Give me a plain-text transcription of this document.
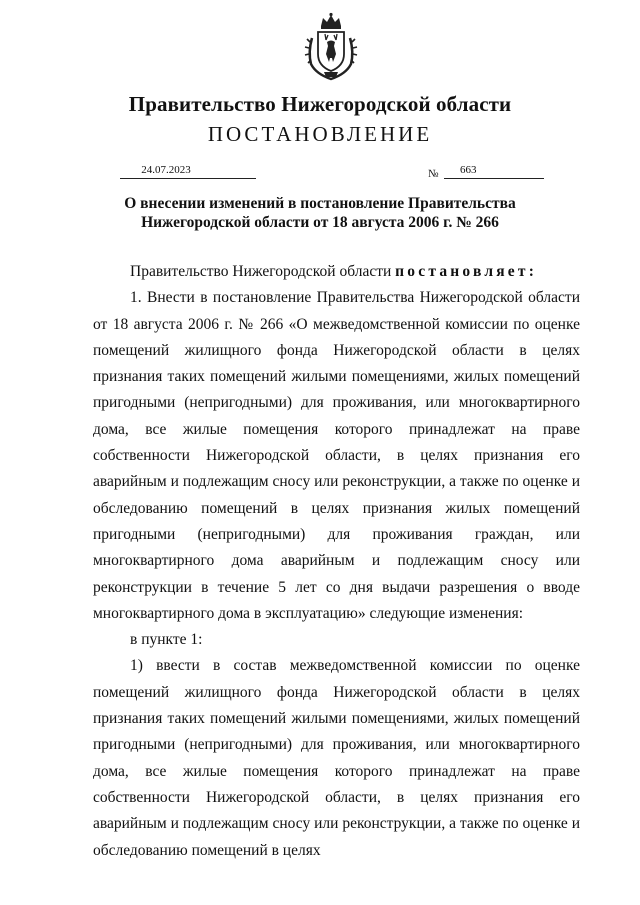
Правительство Нижегородской области
ПОСТАНОВЛЕНИЕ
24.07.2023	№	663
О внесении изменений в постановление Правительства
Нижегородской области от 18 августа 2006 г. № 266

Правительство Нижегородской области постановляет:

1. Внести в постановление Правительства Нижегородской области от 18 августа 2006 г. № 266 «О межведомственной комиссии по оценке помещений жилищного фонда Нижегородской области в целях признания таких помещений жилыми помещениями, жилых помещений пригодными (непригодными) для проживания, или многоквартирного дома, все жилые помещения которого принадлежат на праве собственности Нижегородской области, в целях признания его аварийным и подлежащим сносу или реконструкции, а также по оценке и обследованию помещений в целях признания жилых помещений пригодными (непригодными) для проживания граждан, или многоквартирного дома аварийным и подлежащим сносу или реконструкции в течение 5 лет со дня выдачи разрешения о вводе многоквартирного дома в эксплуатацию» следующие изменения:

в пункте 1:

1) ввести в состав межведомственной комиссии по оценке помещений жилищного фонда Нижегородской области в целях признания таких помещений жилыми помещениями, жилых помещений пригодными (непригодными) для проживания, или многоквартирного дома, все жилые помещения которого принадлежат на праве собственности Нижегородской области, в целях признания его аварийным и подлежащим сносу или реконструкции, а также по оценке и обследованию помещений в целях
